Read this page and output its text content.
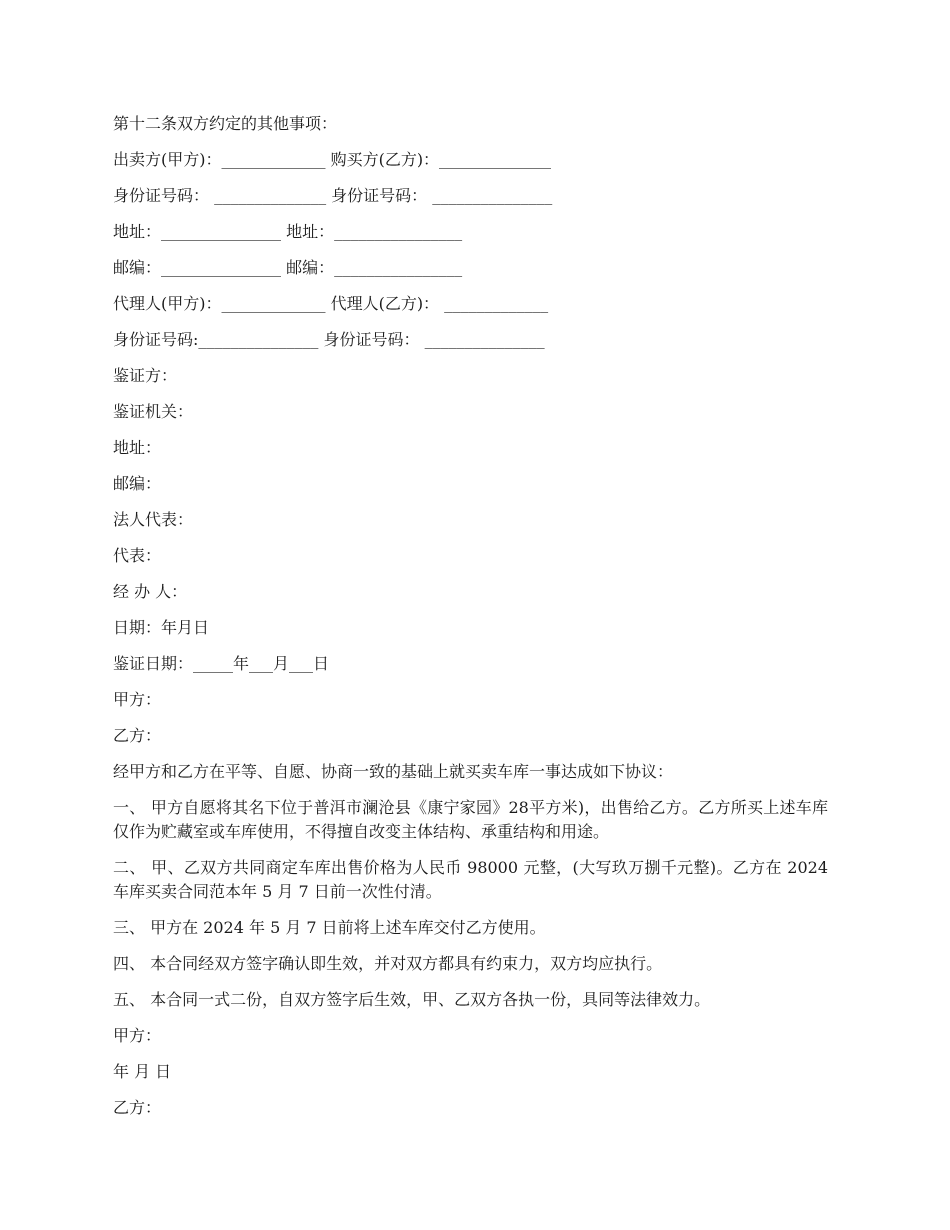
第十二条双方约定的其他事项：
出卖方(甲方)：_____________ 购买方(乙方)：______________
身份证号码： ______________ 身份证号码： _______________
地址：_______________ 地址：________________
邮编：_______________ 邮编：________________
代理人(甲方)：_____________ 代理人(乙方)： _____________
身份证号码:_______________ 身份证号码： _______________
鉴证方：
鉴证机关：
地址：
邮编：
法人代表：
代表：
经 办 人：
日期：年月日
鉴证日期：_____年___月___日
甲方：
乙方：
经甲方和乙方在平等、自愿、协商一致的基础上就买卖车库一事达成如下协议：
一、 甲方自愿将其名下位于普洱市澜沧县《康宁家园》28平方米)，出售给乙方。乙方所买上述车库仅作为贮藏室或车库使用，不得擅自改变主体结构、承重结构和用途。
二、 甲、乙双方共同商定车库出售价格为人民币 98000 元整，(大写玖万捌千元整)。乙方在 2024 车库买卖合同范本年 5 月 7 日前一次性付清。
三、 甲方在 2024 年 5 月 7 日前将上述车库交付乙方使用。
四、 本合同经双方签字确认即生效，并对双方都具有约束力，双方均应执行。
五、 本合同一式二份，自双方签字后生效，甲、乙双方各执一份，具同等法律效力。
甲方：
年 月 日
乙方：
